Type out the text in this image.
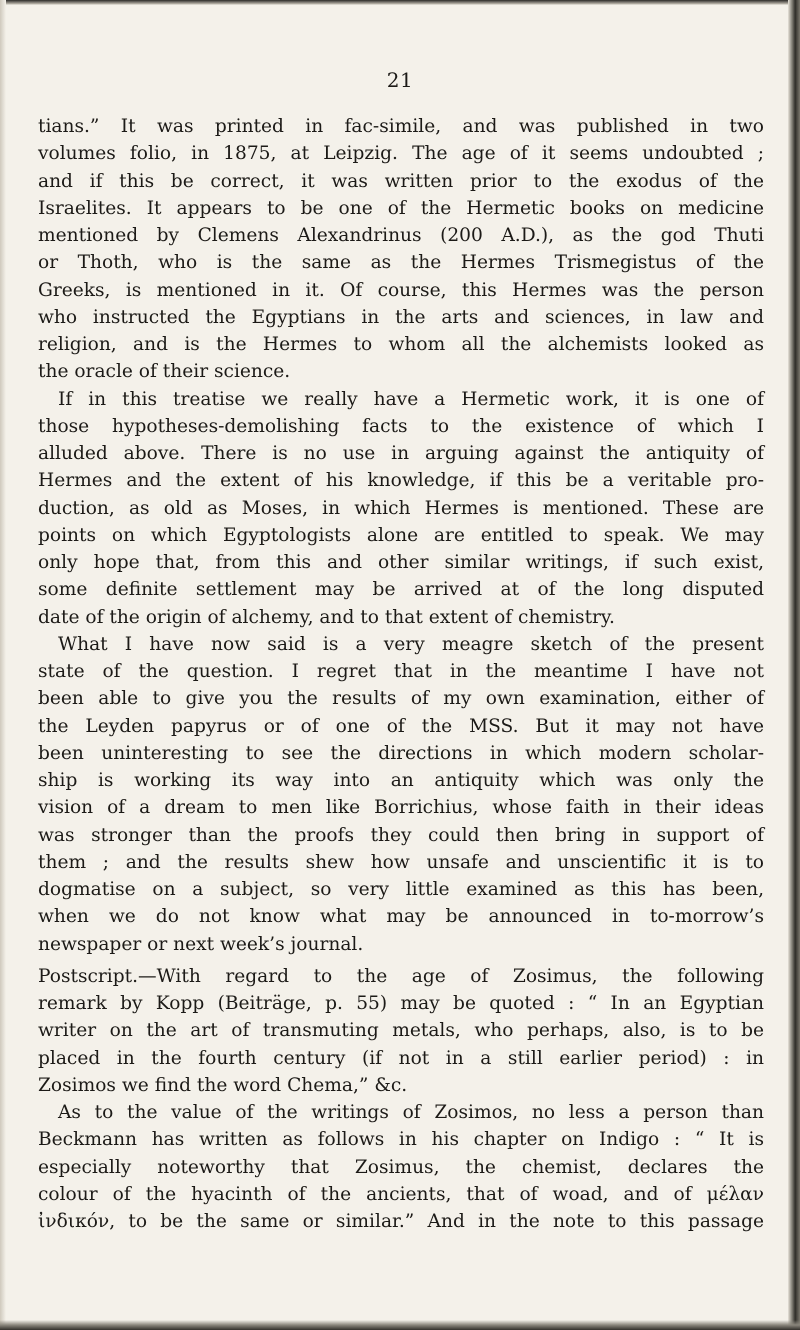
21
tians.” It was printed in fac-simile, and was published in two
volumes folio, in 1875, at Leipzig. The age of it seems undoubted ;
and if this be correct, it was written prior to the exodus of the
Israelites. It appears to be one of the Hermetic books on medicine
mentioned by Clemens Alexandrinus (200 A.D.), as the god Thuti
or Thoth, who is the same as the Hermes Trismegistus of the
Greeks, is mentioned in it. Of course, this Hermes was the person
who instructed the Egyptians in the arts and sciences, in law and
religion, and is the Hermes to whom all the alchemists looked as
the oracle of their science.
If in this treatise we really have a Hermetic work, it is one of
those hypotheses-demolishing facts to the existence of which I
alluded above. There is no use in arguing against the antiquity of
Hermes and the extent of his knowledge, if this be a veritable pro-
duction, as old as Moses, in which Hermes is mentioned. These are
points on which Egyptologists alone are entitled to speak. We may
only hope that, from this and other similar writings, if such exist,
some definite settlement may be arrived at of the long disputed
date of the origin of alchemy, and to that extent of chemistry.
What I have now said is a very meagre sketch of the present
state of the question. I regret that in the meantime I have not
been able to give you the results of my own examination, either of
the Leyden papyrus or of one of the MSS. But it may not have
been uninteresting to see the directions in which modern scholar-
ship is working its way into an antiquity which was only the
vision of a dream to men like Borrichius, whose faith in their ideas
was stronger than the proofs they could then bring in support of
them ; and the results shew how unsafe and unscientific it is to
dogmatise on a subject, so very little examined as this has been,
when we do not know what may be announced in to-morrow’s
newspaper or next week’s journal.
Postscript.—With regard to the age of Zosimus, the following
remark by Kopp (Beiträge, p. 55) may be quoted : “ In an Egyptian
writer on the art of transmuting metals, who perhaps, also, is to be
placed in the fourth century (if not in a still earlier period) : in
Zosimos we find the word Chema,” &c.
As to the value of the writings of Zosimos, no less a person than
Beckmann has written as follows in his chapter on Indigo : “ It is
especially noteworthy that Zosimus, the chemist, declares the
colour of the hyacinth of the ancients, that of woad, and of μέλαν
ἰνδικόν, to be the same or similar.” And in the note to this passage
